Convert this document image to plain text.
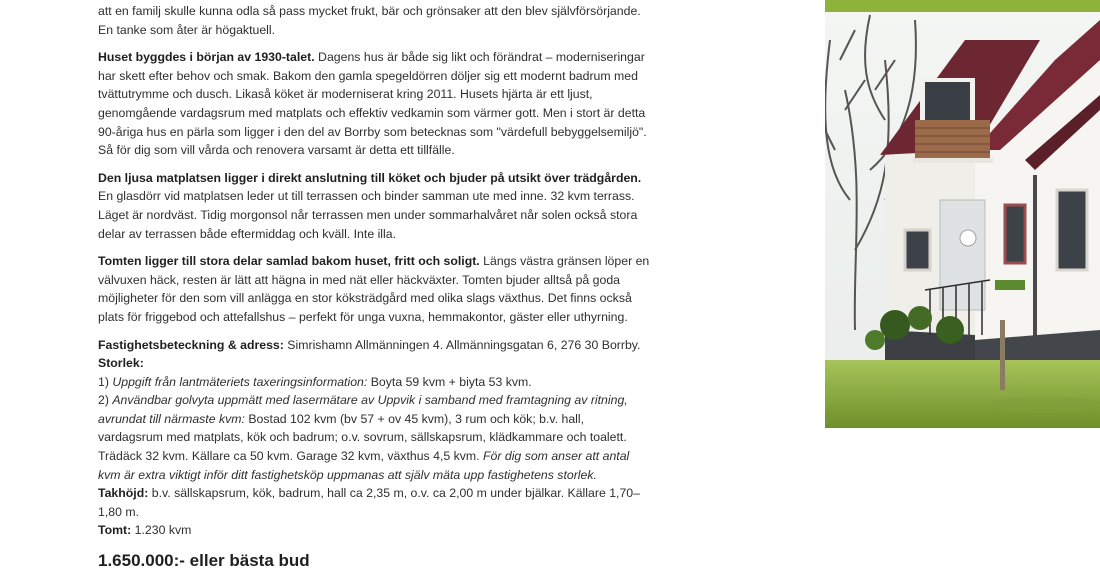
att en familj skulle kunna odla så pass mycket frukt, bär och grönsaker att den blev självförsörjande. En tanke som åter är högaktuell.

Huset byggdes i början av 1930-talet. Dagens hus är både sig likt och förändrat – moderniseringar har skett efter behov och smak. Bakom den gamla spegeldörren döljer sig ett modernt badrum med tvättutrymme och dusch. Likaså köket är moderniserat kring 2011. Husets hjärta är ett ljust, genomgående vardagsrum med matplats och effektiv vedkamin som värmer gott. Men i stort är detta 90-åriga hus en pärla som ligger i den del av Borrby som betecknas som "värdefull bebyggelsemiljö". Så för dig som vill vårda och renovera varsamt är detta ett tillfälle.

Den ljusa matplatsen ligger i direkt anslutning till köket och bjuder på utsikt över trädgården. En glasdörr vid matplatsen leder ut till terrassen och binder samman ute med inne. 32 kvm terrass. Läget är nordväst. Tidig morgonsol når terrassen men under sommarhalvåret når solen också stora delar av terrassen både eftermiddag och kväll. Inte illa.

Tomten ligger till stora delar samlad bakom huset, fritt och soligt. Längs västra gränsen löper en välvuxen häck, resten är lätt att hägna in med nät eller häckväxter. Tomten bjuder alltså på goda möjligheter för den som vill anlägga en stor köksträdgård med olika slags växthus. Det finns också plats för friggebod och attefallshus – perfekt för unga vuxna, hemmakontor, gäster eller uthyrning.

Fastighetsbeteckning & adress: Simrishamn Allmänningen 4. Allmänningsgatan 6, 276 30 Borrby.

Storlek:

1) Uppgift från lantmäteriets taxeringsinformation: Boyta 59 kvm + biyta 53 kvm.

2) Användbar golvyta uppmätt med lasermätare av Uppvik i samband med framtagning av ritning, avrundat till närmaste kvm: Bostad 102 kvm (bv 57 + ov 45 kvm), 3 rum och kök; b.v. hall, vardagsrum med matplats, kök och badrum; o.v. sovrum, sällskapsrum, klädkammare och toalett. Trädäck 32 kvm. Källare ca 50 kvm. Garage 32 kvm, växthus 4,5 kvm. För dig som anser att antal kvm är extra viktigt inför ditt fastighetsköp uppmanas att själv mäta upp fastighetens storlek.

Takhöjd: b.v. sällskapsrum, kök, badrum, hall ca 2,35 m, o.v. ca 2,00 m under bjälkar. Källare 1,70–1,80 m.

Tomt: 1.230 kvm

1.650.000:- eller bästa bud
